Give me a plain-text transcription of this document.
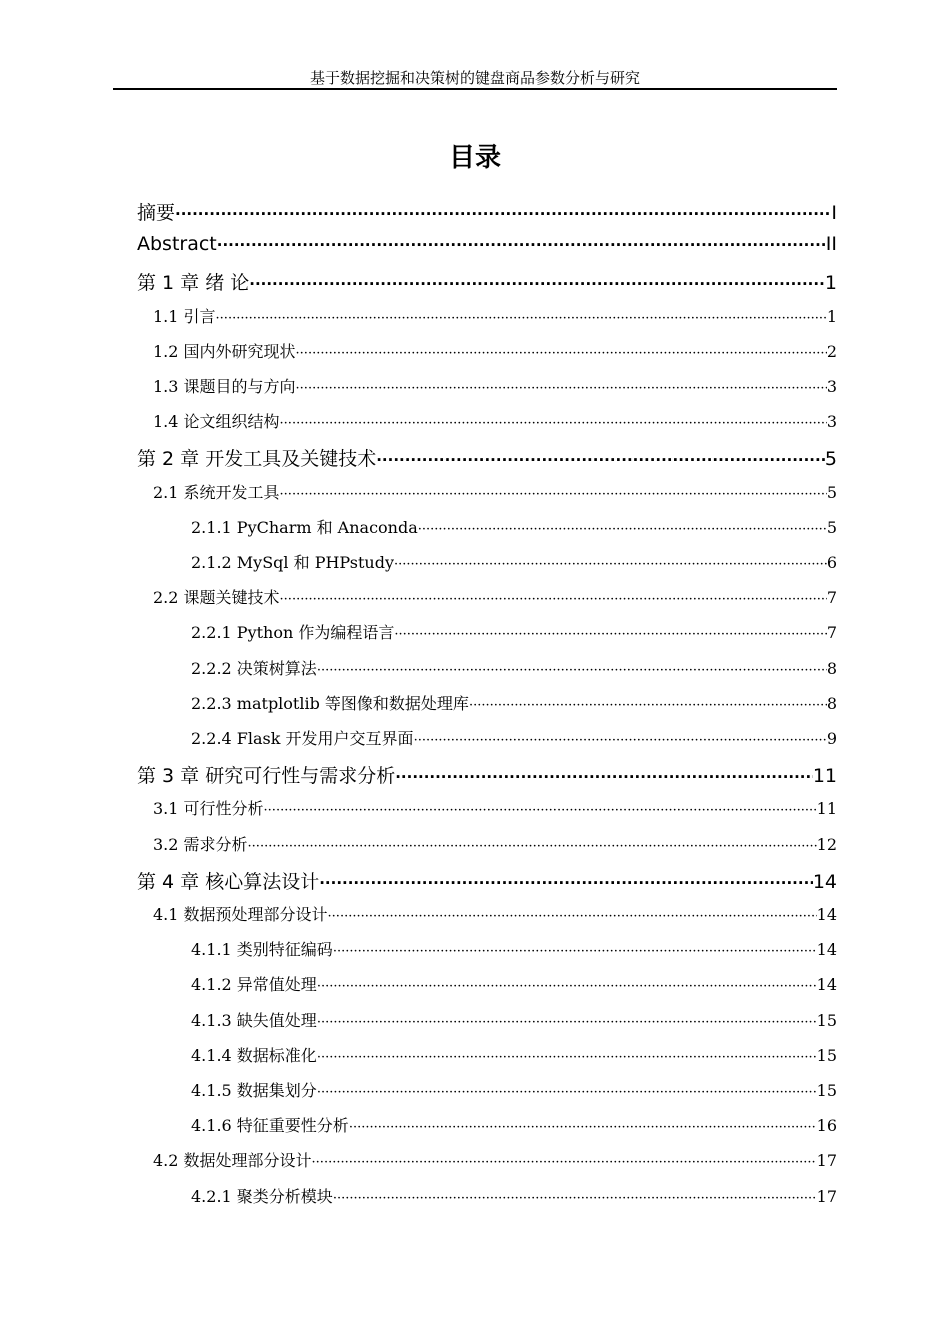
基于数据挖掘和决策树的键盘商品参数分析与研究
目录
摘要 ·····	I
Abstract ·····	II
第 1 章 绪 论 ·····	1
1.1 引言 ·····	1
1.2 国内外研究现状 ·····	2
1.3 课题目的与方向 ·····	3
1.4 论文组织结构 ·····	3
第 2 章 开发工具及关键技术 ·····	5
2.1 系统开发工具 ·····	5
2.1.1 PyCharm 和 Anaconda ·····	5
2.1.2 MySql 和 PHPstudy ·····	6
2.2 课题关键技术 ·····	7
2.2.1 Python 作为编程语言 ·····	7
2.2.2 决策树算法 ·····	8
2.2.3 matplotlib 等图像和数据处理库 ·····	8
2.2.4 Flask 开发用户交互界面 ·····	9
第 3 章 研究可行性与需求分析 ·····	11
3.1 可行性分析 ·····	11
3.2 需求分析 ·····	12
第 4 章 核心算法设计 ·····	14
4.1 数据预处理部分设计 ·····	14
4.1.1 类别特征编码 ·····	14
4.1.2 异常值处理 ·····	14
4.1.3 缺失值处理 ·····	15
4.1.4 数据标准化 ·····	15
4.1.5 数据集划分 ·····	15
4.1.6 特征重要性分析 ·····	16
4.2 数据处理部分设计 ·····	17
4.2.1 聚类分析模块 ·····	17
